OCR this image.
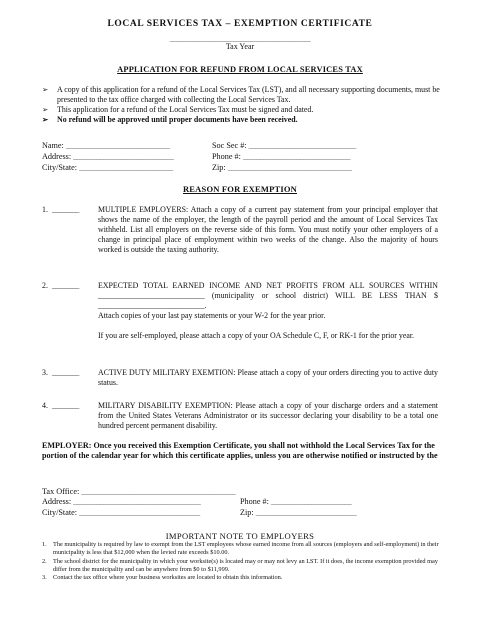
LOCAL SERVICES TAX – EXEMPTION CERTIFICATE
____________________________________________
Tax Year
APPLICATION FOR REFUND FROM LOCAL SERVICES TAX
➢ A copy of this application for a refund of the Local Services Tax (LST), and all necessary supporting documents, must be presented to the tax office charged with collecting the Local Services Tax.
➢ This application for a refund of the Local Services Tax must be signed and dated.
➢ No refund will be approved until proper documents have been received.
Name: _______________________________
Address: ______________________________
City/State: ____________________________
Soc Sec #: ________________________________
Phone #: ________________________________
Zip: _____________________________________
REASON FOR EXEMPTION
1. ________ MULTIPLE EMPLOYERS: Attach a copy of a current pay statement from your principal employer that shows the name of the employer, the length of the payroll period and the amount of Local Services Tax withheld. List all employers on the reverse side of this form. You must notify your other employers of a change in principal place of employment within two weeks of the change. Also the majority of hours worked is outside the taxing authority.

2. ________ EXPECTED TOTAL EARNED INCOME AND NET PROFITS FROM ALL SOURCES WITHIN ___________________________ (municipality or school district) WILL BE LESS THAN $ ___________________________.

Attach copies of your last pay statements or your W-2 for the year prior.

If you are self-employed, please attach a copy of your OA Schedule C, F, or RK-1 for the prior year.

3. ________ ACTIVE DUTY MILITARY EXEMTION: Please attach a copy of your orders directing you to active duty status.

4. ________ MILITARY DISABILITY EXEMPTION: Please attach a copy of your discharge orders and a statement from the United States Veterans Administrator or its successor declaring your disability to be a total one hundred percent permanent disability.

EMPLOYER: Once you received this Exemption Certificate, you shall not withhold the Local Services Tax for the portion of the calendar year for which this certificate applies, unless you are otherwise notified or instructed by the
Tax Office: ______________________________________________
Address: ______________________________________
City/State: ____________________________________
Phone #: ________________________
Zip: ______________________________
IMPORTANT NOTE TO EMPLOYERS
1. The municipality is required by law to exempt from the LST employees whose earned income from all sources (employers and self-employment) in their municipality is less that $12,000 when the levied rate exceeds $10.00.
2. The school district for the municipality in which your worksite(s) is located may or may not levy an LST. If it does, the income exemption provided may differ from the municipality and can be anywhere from $0 to $11,999.
3. Contact the tax office where your business worksites are located to obtain this information.
